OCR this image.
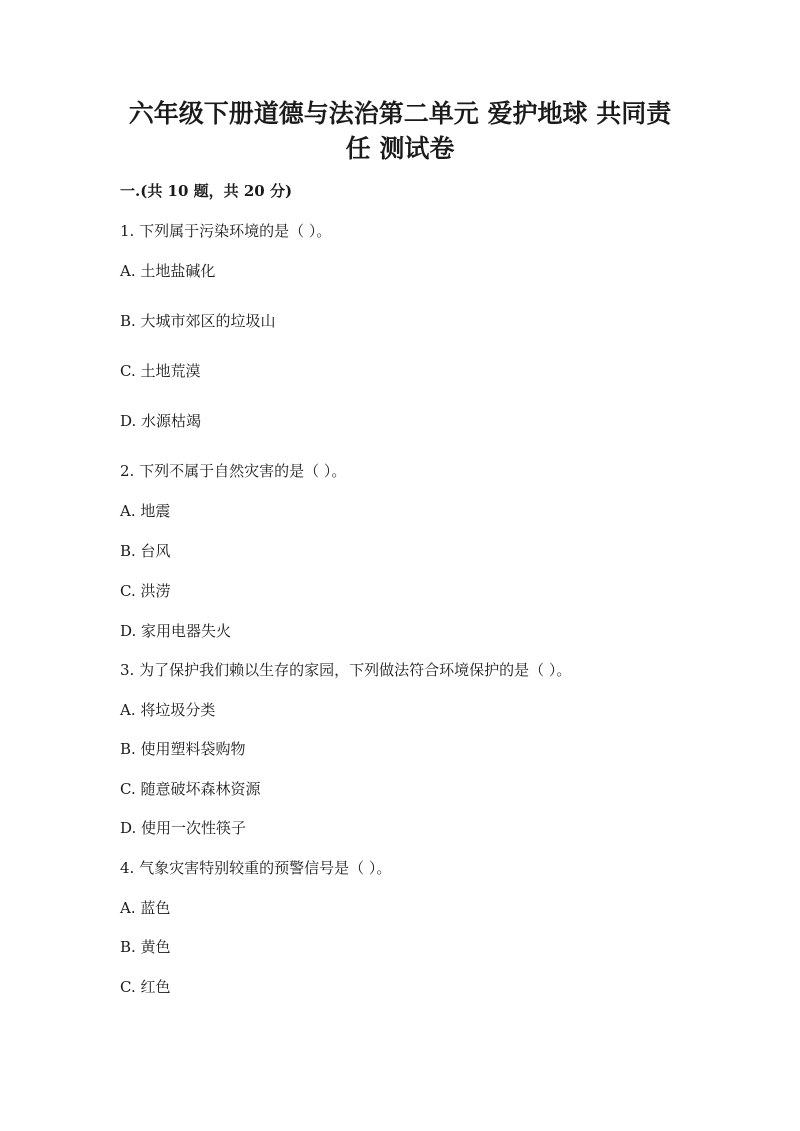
六年级下册道德与法治第二单元 爱护地球 共同责
任 测试卷
一.(共 10 题，共 20 分)
1. 下列属于污染环境的是（ ）。
A. 土地盐碱化
B. 大城市郊区的垃圾山
C. 土地荒漠
D. 水源枯竭
2. 下列不属于自然灾害的是（ ）。
A. 地震
B. 台风
C. 洪涝
D. 家用电器失火
3. 为了保护我们赖以生存的家园，下列做法符合环境保护的是（ ）。
A. 将垃圾分类
B. 使用塑料袋购物
C. 随意破坏森林资源
D. 使用一次性筷子
4. 气象灾害特别较重的预警信号是（ ）。
A. 蓝色
B. 黄色
C. 红色
